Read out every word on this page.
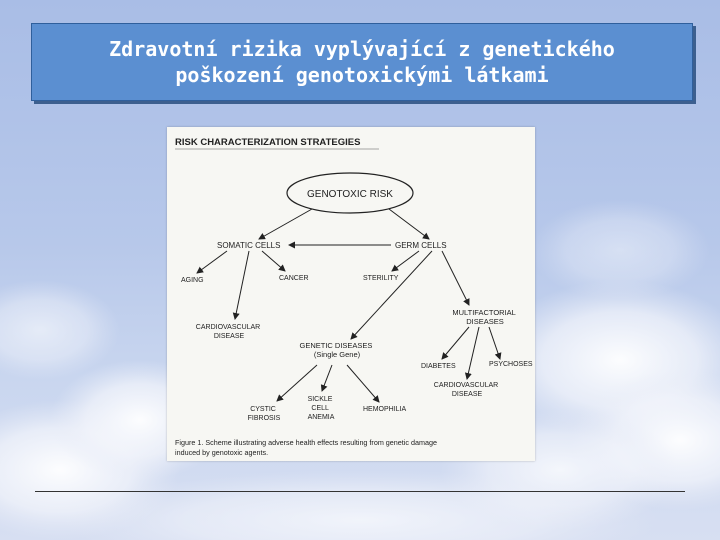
Zdravotní rizika vyplývající z genetického
poškození genotoxickými látkami
RISK CHARACTERIZATION STRATEGIES
GENOTOXIC RISK
SOMATIC CELLS	GERM CELLS
AGING	CANCER	STERILITY
CARDIOVASCULAR DISEASE
MULTIFACTORIAL DISEASES
GENETIC DISEASES (Single Gene)
DIABETES	PSYCHOSES
CARDIOVASCULAR DISEASE
CYSTIC FIBROSIS
SICKLE CELL ANEMIA
HEMOPHILIA
Figure 1. Scheme illustrating adverse health effects resulting from genetic damage induced by genotoxic agents.
